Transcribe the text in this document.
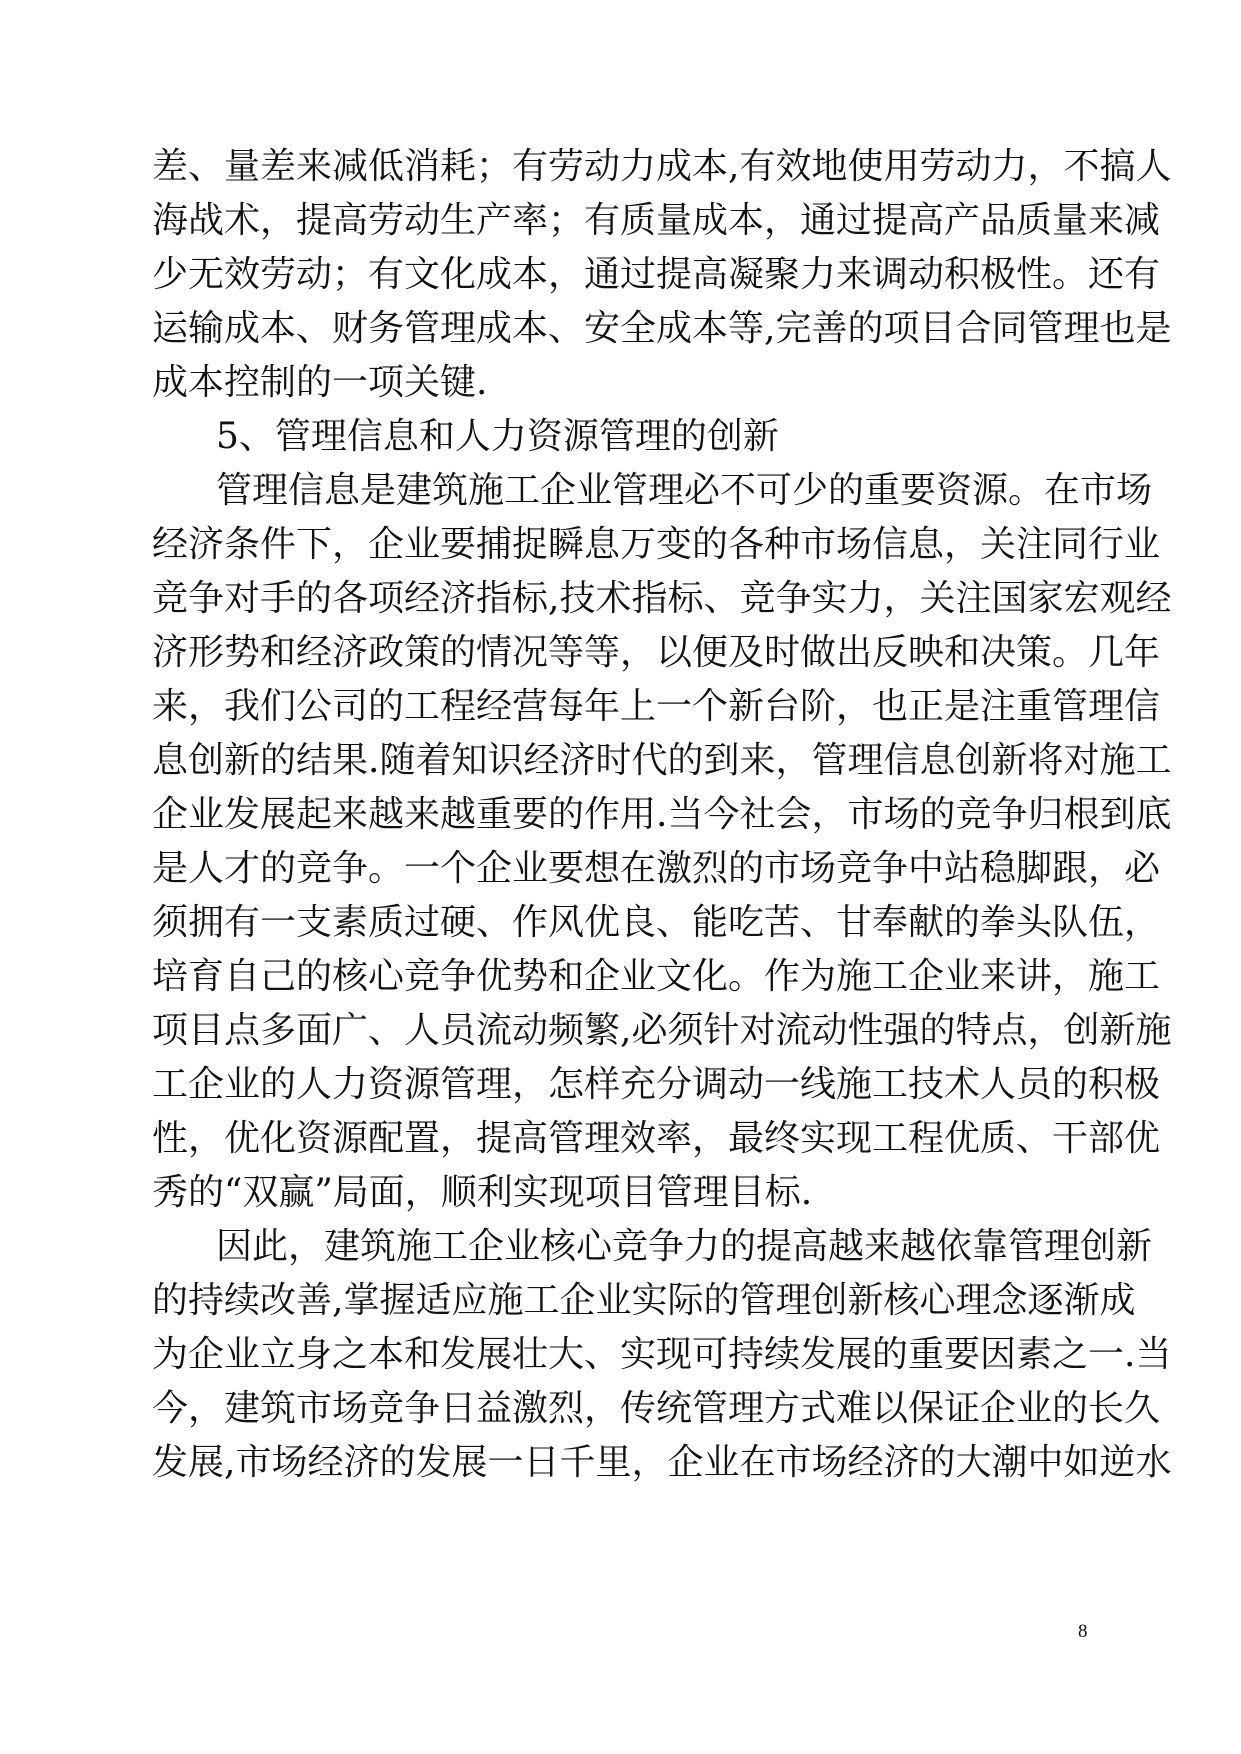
差、量差来减低消耗；有劳动力成本,有效地使用劳动力，不搞人
海战术，提高劳动生产率；有质量成本，通过提高产品质量来减
少无效劳动；有文化成本，通过提高凝聚力来调动积极性。还有
运输成本、财务管理成本、安全成本等,完善的项目合同管理也是
成本控制的一项关键.
5、管理信息和人力资源管理的创新
管理信息是建筑施工企业管理必不可少的重要资源。在市场
经济条件下，企业要捕捉瞬息万变的各种市场信息，关注同行业
竞争对手的各项经济指标,技术指标、竞争实力，关注国家宏观经
济形势和经济政策的情况等等，以便及时做出反映和决策。几年
来，我们公司的工程经营每年上一个新台阶，也正是注重管理信
息创新的结果.随着知识经济时代的到来，管理信息创新将对施工
企业发展起来越来越重要的作用.当今社会，市场的竞争归根到底
是人才的竞争。一个企业要想在激烈的市场竞争中站稳脚跟，必
须拥有一支素质过硬、作风优良、能吃苦、甘奉献的拳头队伍，
培育自己的核心竞争优势和企业文化。作为施工企业来讲，施工
项目点多面广、人员流动频繁,必须针对流动性强的特点，创新施
工企业的人力资源管理，怎样充分调动一线施工技术人员的积极
性，优化资源配置，提高管理效率，最终实现工程优质、干部优
秀的“双赢”局面，顺利实现项目管理目标.
因此，建筑施工企业核心竞争力的提高越来越依靠管理创新
的持续改善,掌握适应施工企业实际的管理创新核心理念逐渐成
为企业立身之本和发展壮大、实现可持续发展的重要因素之一.当
今，建筑市场竞争日益激烈，传统管理方式难以保证企业的长久
发展,市场经济的发展一日千里，企业在市场经济的大潮中如逆水
8
